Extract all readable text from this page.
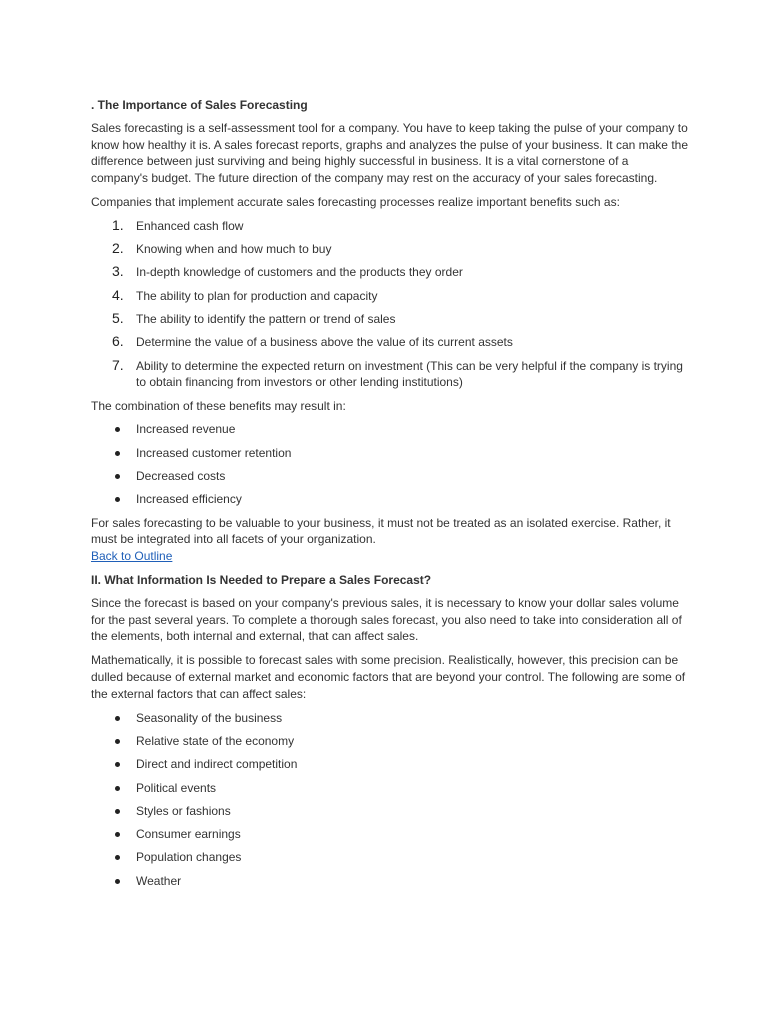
. The Importance of Sales Forecasting

Sales forecasting is a self-assessment tool for a company. You have to keep taking the pulse of your company to know how healthy it is. A sales forecast reports, graphs and analyzes the pulse of your business. It can make the difference between just surviving and being highly successful in business. It is a vital cornerstone of a company's budget. The future direction of the company may rest on the accuracy of your sales forecasting.

Companies that implement accurate sales forecasting processes realize important benefits such as:

1. Enhanced cash flow
2. Knowing when and how much to buy
3. In-depth knowledge of customers and the products they order
4. The ability to plan for production and capacity
5. The ability to identify the pattern or trend of sales
6. Determine the value of a business above the value of its current assets
7. Ability to determine the expected return on investment (This can be very helpful if the company is trying to obtain financing from investors or other lending institutions)

The combination of these benefits may result in:

Increased revenue
Increased customer retention
Decreased costs
Increased efficiency

For sales forecasting to be valuable to your business, it must not be treated as an isolated exercise. Rather, it must be integrated into all facets of your organization.

Back to Outline

II. What Information Is Needed to Prepare a Sales Forecast?

Since the forecast is based on your company's previous sales, it is necessary to know your dollar sales volume for the past several years. To complete a thorough sales forecast, you also need to take into consideration all of the elements, both internal and external, that can affect sales.

Mathematically, it is possible to forecast sales with some precision. Realistically, however, this precision can be dulled because of external market and economic factors that are beyond your control. The following are some of the external factors that can affect sales:

Seasonality of the business
Relative state of the economy
Direct and indirect competition
Political events
Styles or fashions
Consumer earnings
Population changes
Weather
